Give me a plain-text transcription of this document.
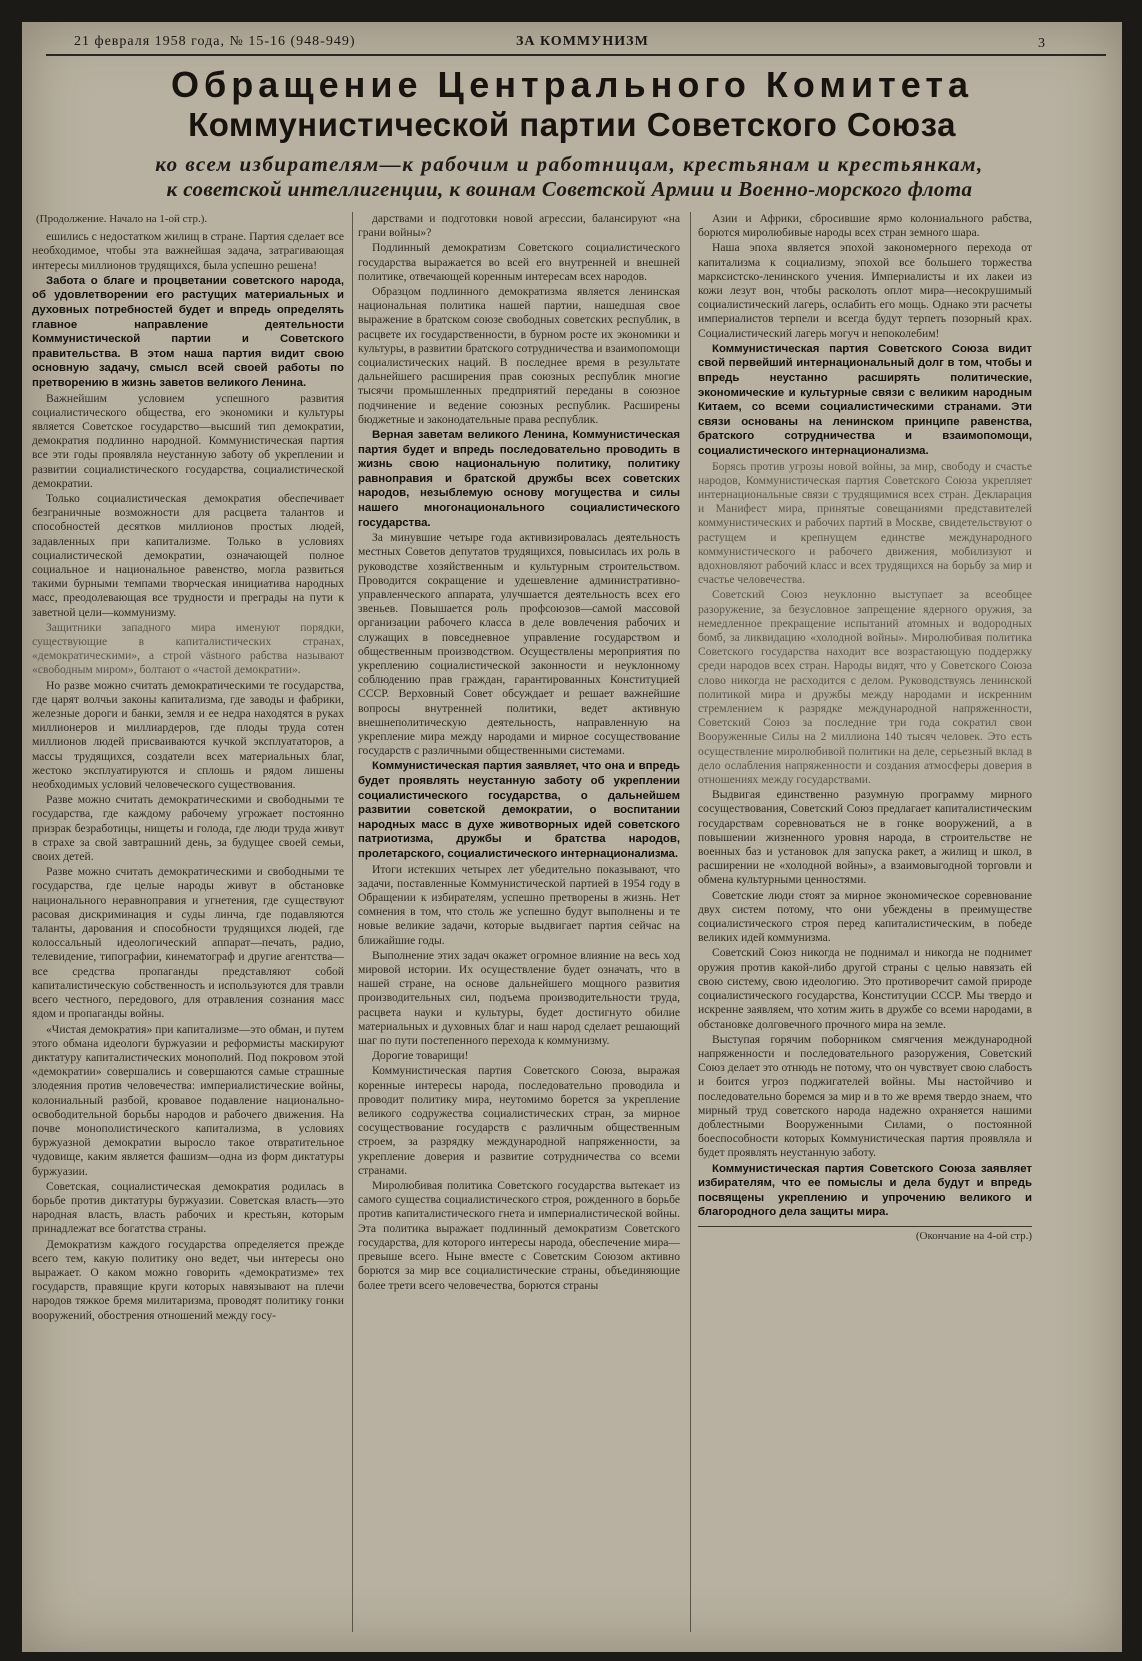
21 февраля 1958 года, № 15-16 (948-949)	ЗА КОММУНИЗМ	3
Обращение Центрального Комитета
Коммунистической партии Советского Союза
ко всем избирателям—к рабочим и работницам, крестьянам и крестьянкам,
к советской интеллигенции, к воинам Советской Армии и Военно-морского флота

(Продолжение. Начало на 1-ой стр.).

ешились с недостатком жилищ в стране. Партия сделает все необходимое, чтобы эта важнейшая задача, затрагивающая интересы миллионов трудящихся, была успешно решена!

Забота о благе и процветании советского народа, об удовлетворении его растущих материальных и духовных потребностей будет и впредь определять главное направление деятельности Коммунистической партии и Советского правительства. В этом наша партия видит свою основную задачу, смысл всей своей работы по претворению в жизнь заветов великого Ленина.

Важнейшим условием успешного развития социалистического общества, его экономики и культуры является Советское государство—высший тип демократии, демократия подлинно народной. Коммунистическая партия все эти годы проявляла неустанную заботу об укреплении и развитии социалистического государства, социалистической демократии.

Только социалистическая демократия обеспечивает безграничные возможности для расцвета талантов и способностей десятков миллионов простых людей, задавленных при капитализме. Только в условиях социалистической демократии, означающей полное социальное и национальное равенство, могла развиться такими бурными темпами творческая инициатива народных масс, преодолевающая все трудности и преграды на пути к заветной цели—коммунизму.

Защитники западного мира именуют порядки, существующие в капиталистических странах, «демократическими», а строй västного рабства называют «свободным миром», болтают о «частой демократии».

Но разве можно считать демократическими те государства, где царят волчьи законы капитализма, где заводы и фабрики, железные дороги и банки, земля и ее недра находятся в руках миллионеров и миллиардеров, где плоды труда сотен миллионов людей присваиваются кучкой эксплуататоров, а массы трудящихся, создатели всех материальных благ, жестоко эксплуатируются и сплошь и рядом лишены необходимых условий человеческого существования.

Разве можно считать демократическими и свободными те государства, где каждому рабочему угрожает постоянно призрак безработицы, нищеты и голода, где люди труда живут в страхе за свой завтрашний день, за будущее своей семьи, своих детей.

Разве можно считать демократическими и свободными те государства, где целые народы живут в обстановке национального неравноправия и угнетения, где существуют расовая дискриминация и суды линча, где подавляются таланты, дарования и способности трудящихся людей, где колоссальный идеологический аппарат—печать, радио, телевидение, типографии, кинематограф и другие агентства—все средства пропаганды представляют собой капиталистическую собственность и используются для травли всего честного, передового, для отравления сознания масс ядом и пропаганды войны.

«Чистая демократия» при капитализме—это обман, и путем этого обмана идеологи буржуазии и реформисты маскируют диктатуру капиталистических монополий. Под покровом этой «демократии» совершались и совершаются самые страшные злодеяния против человечества: империалистические войны, колониальный разбой, кровавое подавление национально-освободительной борьбы народов и рабочего движения. На почве монополистического капитализма, в условиях буржуазной демократии выросло такое отвратительное чудовище, каким является фашизм—одна из форм диктатуры буржуазии.

Советская, социалистическая демократия родилась в борьбе против диктатуры буржуазии. Советская власть—это народная власть, власть рабочих и крестьян, которым принадлежат все богатства страны.

Демократизм каждого государства определяется прежде всего тем, какую политику оно ведет, чьи интересы оно выражает. О каком можно говорить «демократизме» тех государств, правящие круги которых навязывают на плечи народов тяжкое бремя милитаризма, проводят политику гонки вооружений, обострения отношений между госу-

дарствами и подготовки новой агрессии, балансируют «на грани войны»?

Подлинный демократизм Советского социалистического государства выражается во всей его внутренней и внешней политике, отвечающей коренным интересам всех народов.

Образцом подлинного демократизма является ленинская национальная политика нашей партии, нашедшая свое выражение в братском союзе свободных советских республик, в расцвете их государственности, в бурном росте их экономики и культуры, в развитии братского сотрудничества и взаимопомощи социалистических наций. В последнее время в результате дальнейшего расширения прав союзных республик многие тысячи промышленных предприятий переданы в союзное подчинение и ведение союзных республик. Расширены бюджетные и законодательные права республик.

Верная заветам великого Ленина, Коммунистическая партия будет и впредь последовательно проводить в жизнь свою национальную политику, политику равноправия и братской дружбы всех советских народов, незыблемую основу могущества и силы нашего многонационального социалистического государства.

За минувшие четыре года активизировалась деятельность местных Советов депутатов трудящихся, повысилась их роль в руководстве хозяйственным и культурным строительством. Проводится сокращение и удешевление административно-управленческого аппарата, улучшается деятельность всех его звеньев. Повышается роль профсоюзов—самой массовой организации рабочего класса в деле вовлечения рабочих и служащих в повседневное управление государством и общественным производством. Осуществлены мероприятия по укреплению социалистической законности и неуклонному соблюдению прав граждан, гарантированных Конституцией СССР. Верховный Совет обсуждает и решает важнейшие вопросы внутренней политики, ведет активную внешнеполитическую деятельность, направленную на укрепление мира между народами и мирное сосуществование государств с различными общественными системами.

Коммунистическая партия заявляет, что она и впредь будет проявлять неустанную заботу об укреплении социалистического государства, о дальнейшем развитии советской демократии, о воспитании народных масс в духе животворных идей советского патриотизма, дружбы и братства народов, пролетарского, социалистического интернационализма.

Итоги истекших четырех лет убедительно показывают, что задачи, поставленные Коммунистической партией в 1954 году в Обращении к избирателям, успешно претворены в жизнь. Нет сомнения в том, что столь же успешно будут выполнены и те новые великие задачи, которые выдвигает партия сейчас на ближайшие годы.

Выполнение этих задач окажет огромное влияние на весь ход мировой истории. Их осуществление будет означать, что в нашей стране, на основе дальнейшего мощного развития производительных сил, подъема производительности труда, расцвета науки и культуры, будет достигнуто обилие материальных и духовных благ и наш народ сделает решающий шаг по пути постепенного перехода к коммунизму.

Дорогие товарищи!

Коммунистическая партия Советского Союза, выражая коренные интересы народа, последовательно проводила и проводит политику мира, неутомимо борется за укрепление великого содружества социалистических стран, за мирное сосуществование государств с различным общественным строем, за разрядку международной напряженности, за укрепление доверия и развитие сотрудничества со всеми странами.

Миролюбивая политика Советского государства вытекает из самого существа социалистического строя, рожденного в борьбе против капиталистического гнета и империалистической войны. Эта политика выражает подлинный демократизм Советского государства, для которого интересы народа, обеспечение мира—превыше всего. Ныне вместе с Советским Союзом активно борются за мир все социалистические страны, объединяющие более трети всего человечества, борются страны

Азии и Африки, сбросившие ярмо колониального рабства, борются миролюбивые народы всех стран земного шара.

Наша эпоха является эпохой закономерного перехода от капитализма к социализму, эпохой все большего торжества марксистско-ленинского учения. Империалисты и их лакеи из кожи лезут вон, чтобы расколоть оплот мира—несокрушимый социалистический лагерь, ослабить его мощь. Однако эти расчеты империалистов терпели и всегда будут терпеть позорный крах. Социалистический лагерь могуч и непоколебим!

Коммунистическая партия Советского Союза видит свой первейший интернациональный долг в том, чтобы и впредь неустанно расширять политические, экономические и культурные связи с великим народным Китаем, со всеми социалистическими странами. Эти связи основаны на ленинском принципе равенства, братского сотрудничества и взаимопомощи, социалистического интернационализма.

Борясь против угрозы новой войны, за мир, свободу и счастье народов, Коммунистическая партия Советского Союза укрепляет интернациональные связи с трудящимися всех стран. Декларация и Манифест мира, принятые совещаниями представителей коммунистических и рабочих партий в Москве, свидетельствуют о растущем и крепнущем единстве международного коммунистического и рабочего движения, мобилизуют и вдохновляют рабочий класс и всех трудящихся на борьбу за мир и счастье человечества.

Советский Союз неуклонно выступает за всеобщее разоружение, за безусловное запрещение ядерного оружия, за немедленное прекращение испытаний атомных и водородных бомб, за ликвидацию «холодной войны». Миролюбивая политика Советского государства находит все возрастающую поддержку среди народов всех стран. Народы видят, что у Советского Союза слово никогда не расходится с делом. Руководствуясь ленинской политикой мира и дружбы между народами и искренним стремлением к разрядке международной напряженности, Советский Союз за последние три года сократил свои Вооруженные Силы на 2 миллиона 140 тысяч человек. Это есть осуществление миролюбивой политики на деле, серьезный вклад в дело ослабления напряженности и создания атмосферы доверия в отношениях между государствами.

Выдвигая единственно разумную программу мирного сосуществования, Советский Союз предлагает капиталистическим государствам соревноваться не в гонке вооружений, а в повышении жизненного уровня народа, в строительстве не военных баз и установок для запуска ракет, а жилищ и школ, в расширении не «холодной войны», а взаимовыгодной торговли и обмена культурными ценностями.

Советские люди стоят за мирное экономическое соревнование двух систем потому, что они убеждены в преимуществе социалистического строя перед капиталистическим, в победе великих идей коммунизма.

Советский Союз никогда не поднимал и никогда не поднимет оружия против какой-либо другой страны с целью навязать ей свою систему, свою идеологию. Это противоречит самой природе социалистического государства, Конституции СССР. Мы твердо и искренне заявляем, что хотим жить в дружбе со всеми народами, в обстановке долговечного прочного мира на земле.

Выступая горячим поборником смягчения международной напряженности и последовательного разоружения, Советский Союз делает это отнюдь не потому, что он чувствует свою слабость и боится угроз поджигателей войны. Мы настойчиво и последовательно боремся за мир и в то же время твердо знаем, что мирный труд советского народа надежно охраняется нашими доблестными Вооруженными Силами, о постоянной боеспособности которых Коммунистическая партия проявляла и будет проявлять неустанную заботу.

Коммунистическая партия Советского Союза заявляет избирателям, что ее помыслы и дела будут и впредь посвящены укреплению и упрочению великого и благородного дела защиты мира.

(Окончание на 4-ой стр.)
